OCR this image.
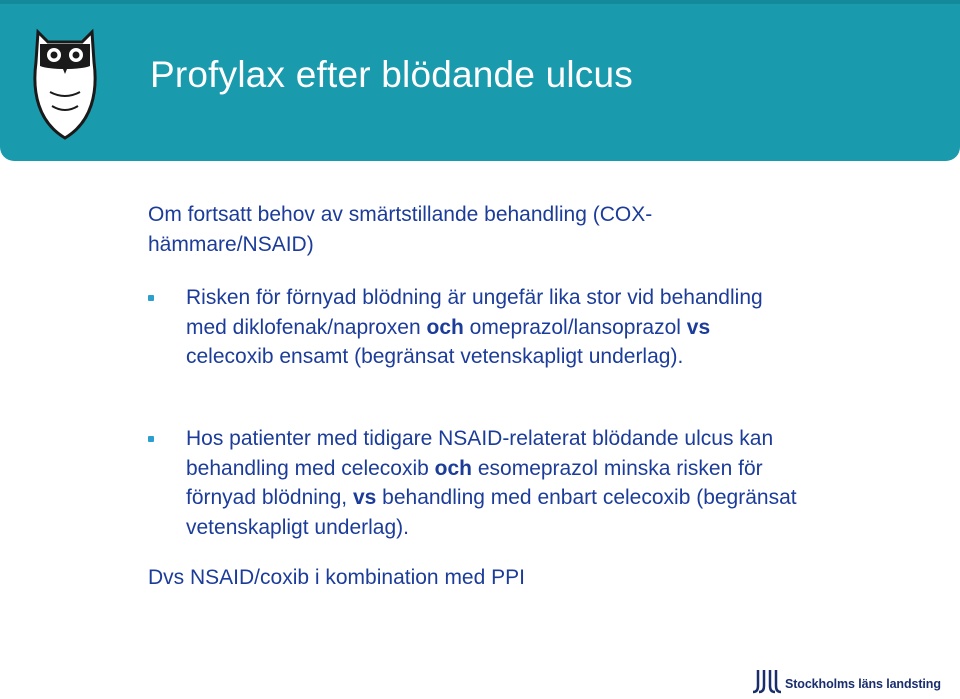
Profylax efter blödande ulcus

Om fortsatt behov av smärtstillande behandling (COX-hämmare/NSAID)

Risken för förnyad blödning är ungefär lika stor vid behandling med diklofenak/naproxen och omeprazol/lansoprazol vs celecoxib ensamt (begränsat vetenskapligt underlag).
Hos patienter med tidigare NSAID-relaterat blödande ulcus kan behandling med celecoxib och esomeprazol minska risken för förnyad blödning, vs behandling med enbart celecoxib (begränsat vetenskapligt underlag).

Dvs NSAID/coxib i kombination med PPI

Stockholms läns landsting
